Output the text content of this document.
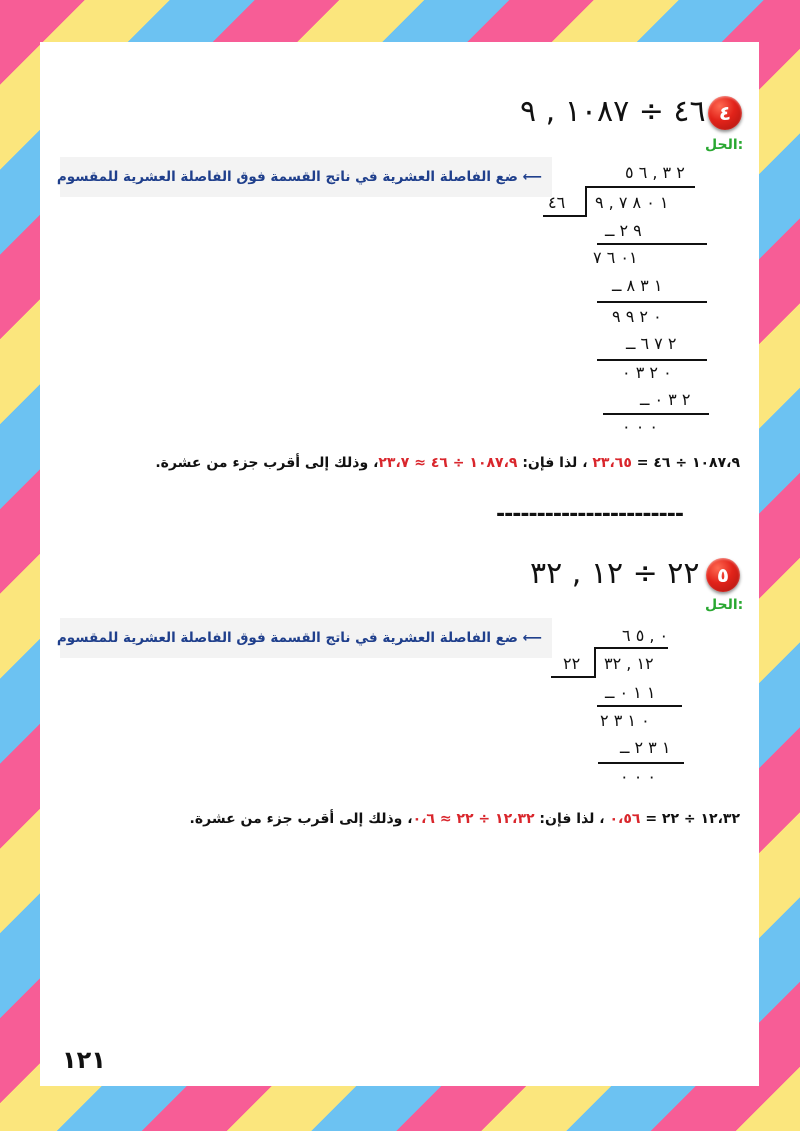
٤٦ ÷ ١٠٨٧ , ٩ ٤
الحل:
⟵ ضع الفاصلة العشرية في ناتج القسمة فوق الفاصلة العشرية للمقسوم	٢ ٣ , ٦ ٥
٤٦ ١ ٠ ٨ ٧ , ٩
٩ ٢ ــ
٠١ ٦ ٧
١ ٣ ٨ ــ
٠ ٢ ٩ ٩
٢ ٧ ٦ ــ
٠ ٢ ٣ ٠
٢ ٣ ٠ ــ
٠ ٠ ٠
١٠٨٧،٩ ÷ ٤٦ = ٢٣،٦٥ ، لذا فإن: ١٠٨٧،٩ ÷ ٤٦ ≈ ٢٣،٧، وذلك إلى أقرب جزء من عشرة.
-----------------------
٢٢ ÷ ١٢ , ٣٢ ٥
الحل:
⟵ ضع الفاصلة العشرية في ناتج القسمة فوق الفاصلة العشرية للمقسوم	٠ , ٥ ٦
٢٢ ١٢ , ٣٢
١ ١ ٠ ــ
٠ ١ ٣ ٢
١ ٣ ٢ ــ
٠ ٠ ٠
١٢،٣٢ ÷ ٢٢ = ٠،٥٦ ، لذا فإن: ١٢،٣٢ ÷ ٢٢ ≈ ٠،٦، وذلك إلى أقرب جزء من عشرة.
١٢١
